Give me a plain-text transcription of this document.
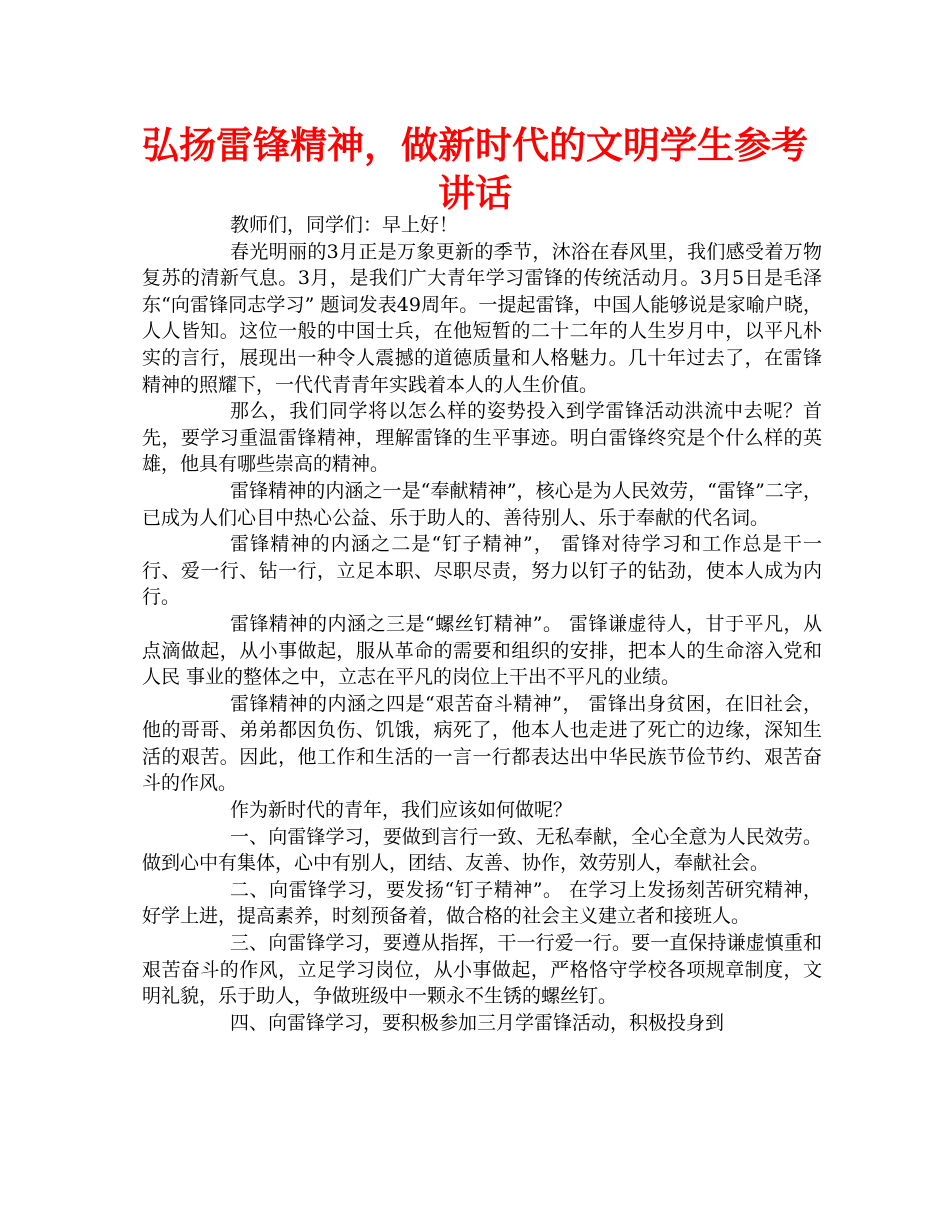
弘扬雷锋精神，做新时代的文明学生参考讲话

教师们，同学们：早上好！

春光明丽的3月正是万象更新的季节，沐浴在春风里，我们感受着万物复苏的清新气息。3月，是我们广大青年学习雷锋的传统活动月。3月5日是毛泽东“向雷锋同志学习” 题词发表49周年。一提起雷锋，中国人能够说是家喻户晓，人人皆知。这位一般的中国士兵，在他短暂的二十二年的人生岁月中，以平凡朴实的言行，展现出一种令人震撼的道德质量和人格魅力。几十年过去了，在雷锋精神的照耀下，一代代青青年实践着本人的人生价值。

那么，我们同学将以怎么样的姿势投入到学雷锋活动洪流中去呢？首先，要学习重温雷锋精神，理解雷锋的生平事迹。明白雷锋终究是个什么样的英雄，他具有哪些崇高的精神。

雷锋精神的内涵之一是“奉献精神”，核心是为人民效劳，“雷锋”二字，已成为人们心目中热心公益、乐于助人的、善待别人、乐于奉献的代名词。

雷锋精神的内涵之二是“钉子精神”， 雷锋对待学习和工作总是干一行、爱一行、钻一行，立足本职、尽职尽责，努力以钉子的钻劲，使本人成为内行。

雷锋精神的内涵之三是“螺丝钉精神”。 雷锋谦虚待人，甘于平凡，从点滴做起，从小事做起，服从革命的需要和组织的安排，把本人的生命溶入党和人民 事业的整体之中，立志在平凡的岗位上干出不平凡的业绩。

雷锋精神的内涵之四是“艰苦奋斗精神”， 雷锋出身贫困，在旧社会，他的哥哥、弟弟都因负伤、饥饿，病死了，他本人也走进了死亡的边缘，深知生活的艰苦。因此，他工作和生活的一言一行都表达出中华民族节俭节约、艰苦奋斗的作风。

作为新时代的青年，我们应该如何做呢？

一、向雷锋学习，要做到言行一致、无私奉献，全心全意为人民效劳。做到心中有集体，心中有别人，团结、友善、协作，效劳别人，奉献社会。

二、向雷锋学习，要发扬“钉子精神”。 在学习上发扬刻苦研究精神，好学上进，提高素养，时刻预备着，做合格的社会主义建立者和接班人。

三、向雷锋学习，要遵从指挥，干一行爱一行。要一直保持谦虚慎重和艰苦奋斗的作风，立足学习岗位，从小事做起，严格恪守学校各项规章制度，文明礼貌，乐于助人，争做班级中一颗永不生锈的螺丝钉。

四、向雷锋学习，要积极参加三月学雷锋活动，积极投身到
